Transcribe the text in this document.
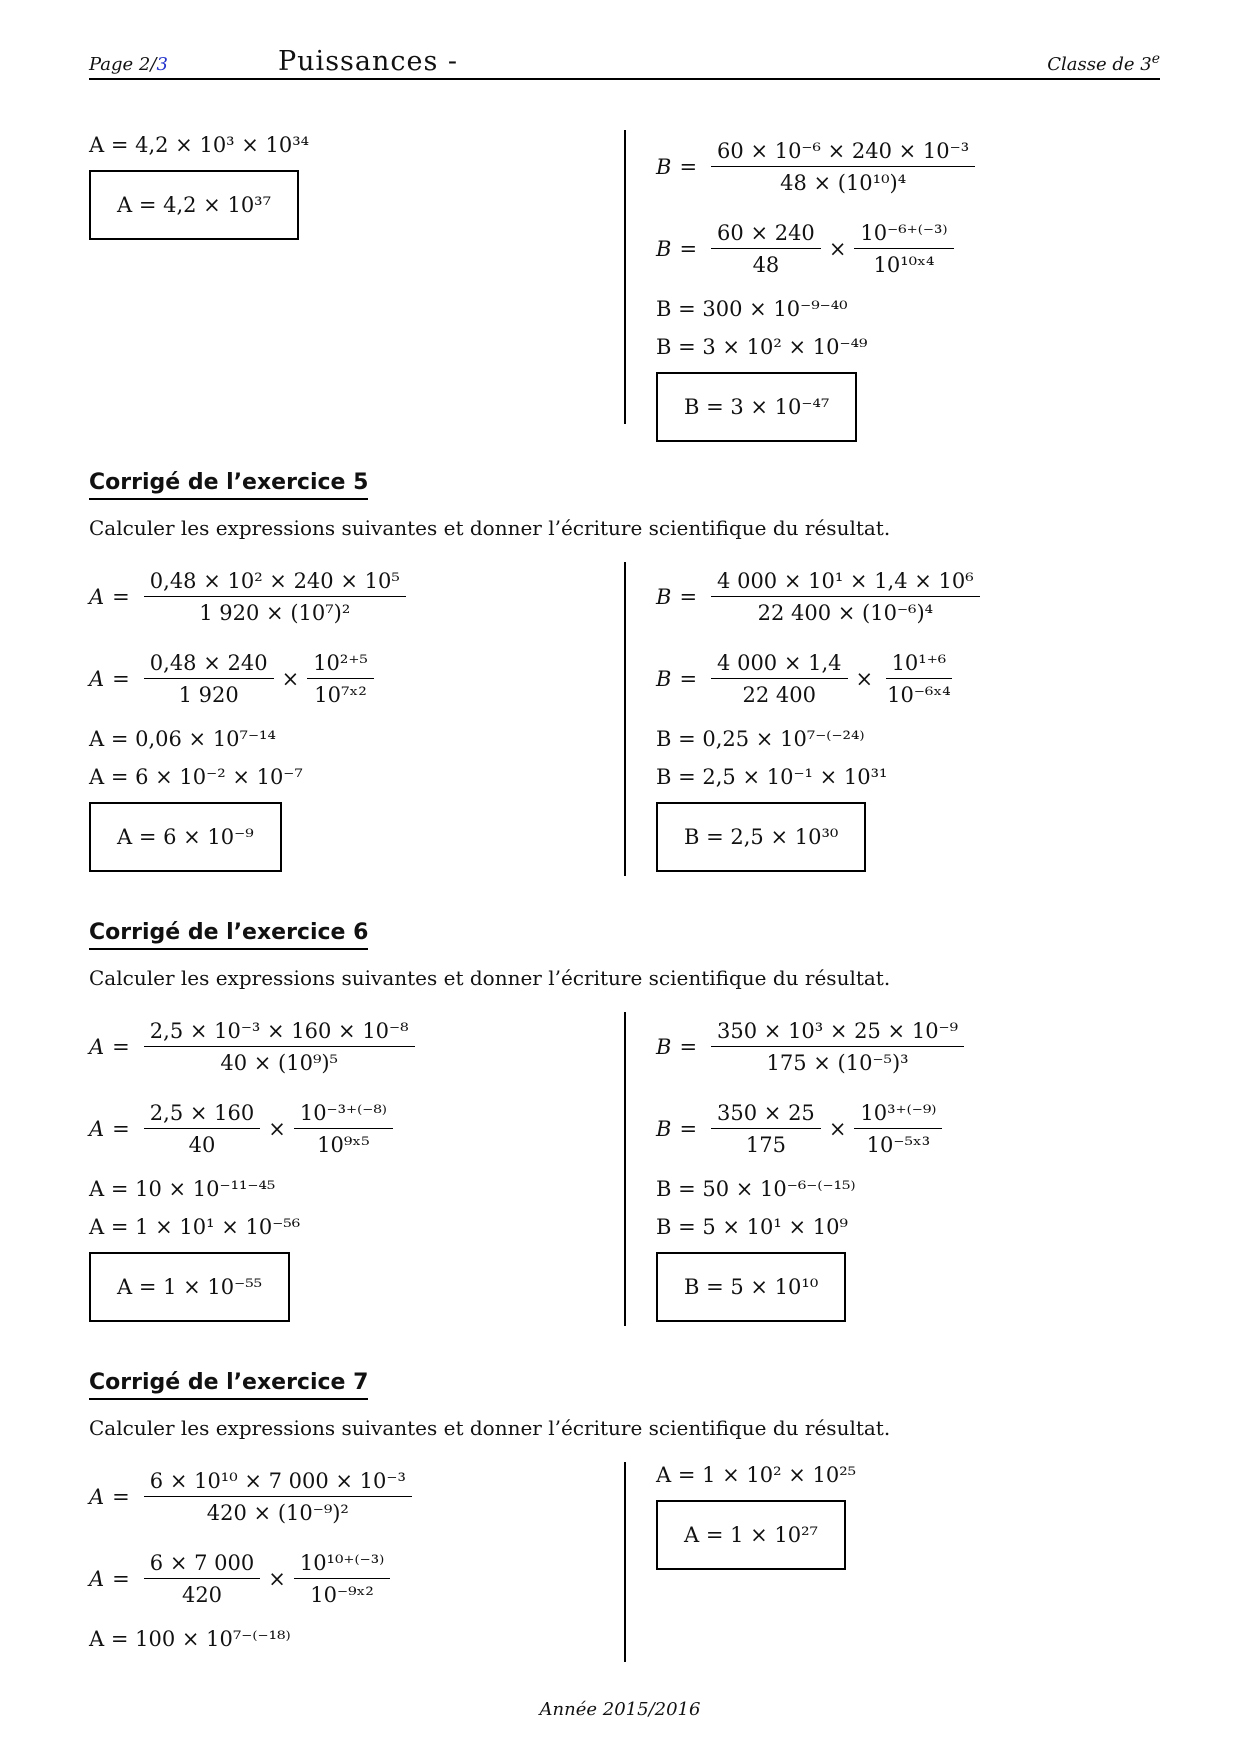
Page 2/3	Puissances -	Classe de 3e
A = 4,2 × 10³ × 10³⁴
A = 4,2 × 10³⁷
$B = \frac{\text{60 × 10⁻⁶ × 240 × 10⁻³}}{\text{48 × (10¹⁰)⁴}}$
$B = \frac{60 \times 240}{48} \times \frac{\text{10⁻⁶⁺⁽⁻³⁾}}{\text{10¹⁰ˣ⁴}}$
B = 300 × 10⁻⁹⁻⁴⁰
B = 3 × 10² × 10⁻⁴⁹
B = 3 × 10⁻⁴⁷
Corrigé de l’exercice 5
Calculer les expressions suivantes et donner l’écriture scientifique du résultat.
$A = \frac{\text{0,48 × 10² × 240 × 10⁵}}{\text{1 920 × (10⁷)²}}$
$A = \frac{0,48 \times 240}{1 920} \times \frac{\text{10²⁺⁵}}{\text{10⁷ˣ²}}$
A = 0,06 × 10⁷⁻¹⁴
A = 6 × 10⁻² × 10⁻⁷
A = 6 × 10⁻⁹
$B = \frac{\text{4 000 × 10¹ × 1,4 × 10⁶}}{\text{22 400 × (10⁻⁶)⁴}}$
$B = \frac{4 000 \times 1,4}{22 400} \times \frac{\text{10¹⁺⁶}}{\text{10⁻⁶ˣ⁴}}$
B = 0,25 × 10⁷⁻⁽⁻²⁴⁾
B = 2,5 × 10⁻¹ × 10³¹
B = 2,5 × 10³⁰
Corrigé de l’exercice 6
Calculer les expressions suivantes et donner l’écriture scientifique du résultat.
$A = \frac{\text{2,5 × 10⁻³ × 160 × 10⁻⁸}}{\text{40 × (10⁹)⁵}}$
$A = \frac{2,5 \times 160}{40} \times \frac{\text{10⁻³⁺⁽⁻⁸⁾}}{\text{10⁹ˣ⁵}}$
A = 10 × 10⁻¹¹⁻⁴⁵
A = 1 × 10¹ × 10⁻⁵⁶
A = 1 × 10⁻⁵⁵
$B = \frac{\text{350 × 10³ × 25 × 10⁻⁹}}{\text{175 × (10⁻⁵)³}}$
$B = \frac{350 \times 25}{175} \times \frac{\text{10³⁺⁽⁻⁹⁾}}{\text{10⁻⁵ˣ³}}$
B = 50 × 10⁻⁶⁻⁽⁻¹⁵⁾
B = 5 × 10¹ × 10⁹
B = 5 × 10¹⁰
Corrigé de l’exercice 7
Calculer les expressions suivantes et donner l’écriture scientifique du résultat.
$A = \frac{\text{6 × 10¹⁰ × 7 000 × 10⁻³}}{\text{420 × (10⁻⁹)²}}$
$A = \frac{6 \times 7 000}{420} \times \frac{\text{10¹⁰⁺⁽⁻³⁾}}{\text{10⁻⁹ˣ²}}$
A = 100 × 10⁷⁻⁽⁻¹⁸⁾
A = 1 × 10² × 10²⁵
A = 1 × 10²⁷
Année 2015/2016
